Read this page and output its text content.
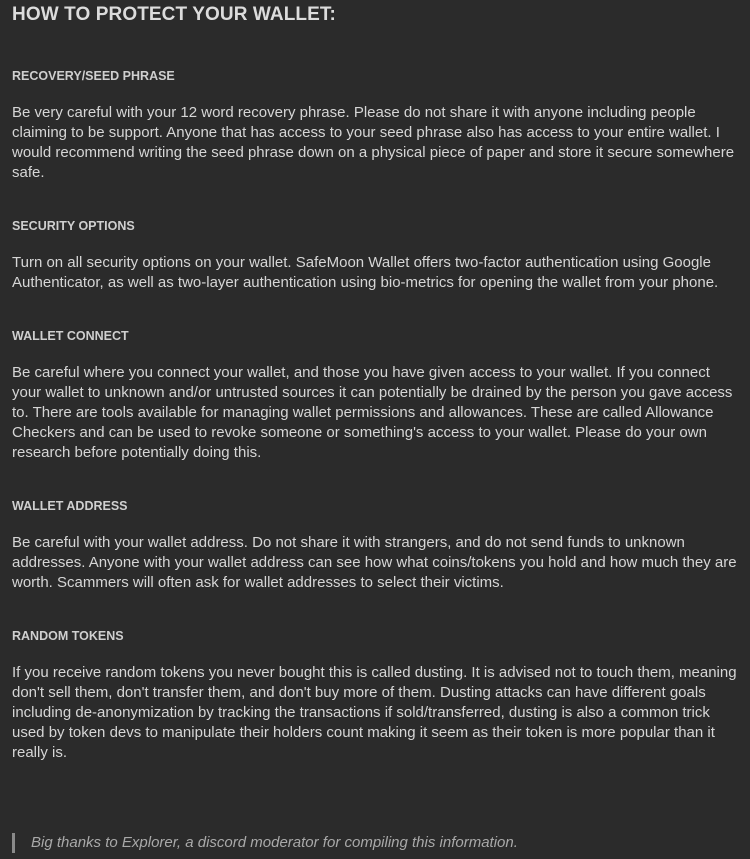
HOW TO PROTECT YOUR WALLET:
RECOVERY/SEED PHRASE

Be very careful with your 12 word recovery phrase. Please do not share it with anyone including people claiming to be support. Anyone that has access to your seed phrase also has access to your entire wallet. I would recommend writing the seed phrase down on a physical piece of paper and store it secure somewhere safe.

SECURITY OPTIONS

Turn on all security options on your wallet. SafeMoon Wallet offers two-factor authentication using Google Authenticator, as well as two-layer authentication using bio-metrics for opening the wallet from your phone.

WALLET CONNECT

Be careful where you connect your wallet, and those you have given access to your wallet. If you connect your wallet to unknown and/or untrusted sources it can potentially be drained by the person you gave access to. There are tools available for managing wallet permissions and allowances. These are called Allowance Checkers and can be used to revoke someone or something's access to your wallet. Please do your own research before potentially doing this.

WALLET ADDRESS

Be careful with your wallet address. Do not share it with strangers, and do not send funds to unknown addresses. Anyone with your wallet address can see how what coins/tokens you hold and how much they are worth. Scammers will often ask for wallet addresses to select their victims.

RANDOM TOKENS

If you receive random tokens you never bought this is called dusting. It is advised not to touch them, meaning don't sell them, don't transfer them, and don't buy more of them. Dusting attacks can have different goals including de-anonymization by tracking the transactions if sold/transferred, dusting is also a common trick used by token devs to manipulate their holders count making it seem as their token is more popular than it really is.

Big thanks to Explorer, a discord moderator for compiling this information.
